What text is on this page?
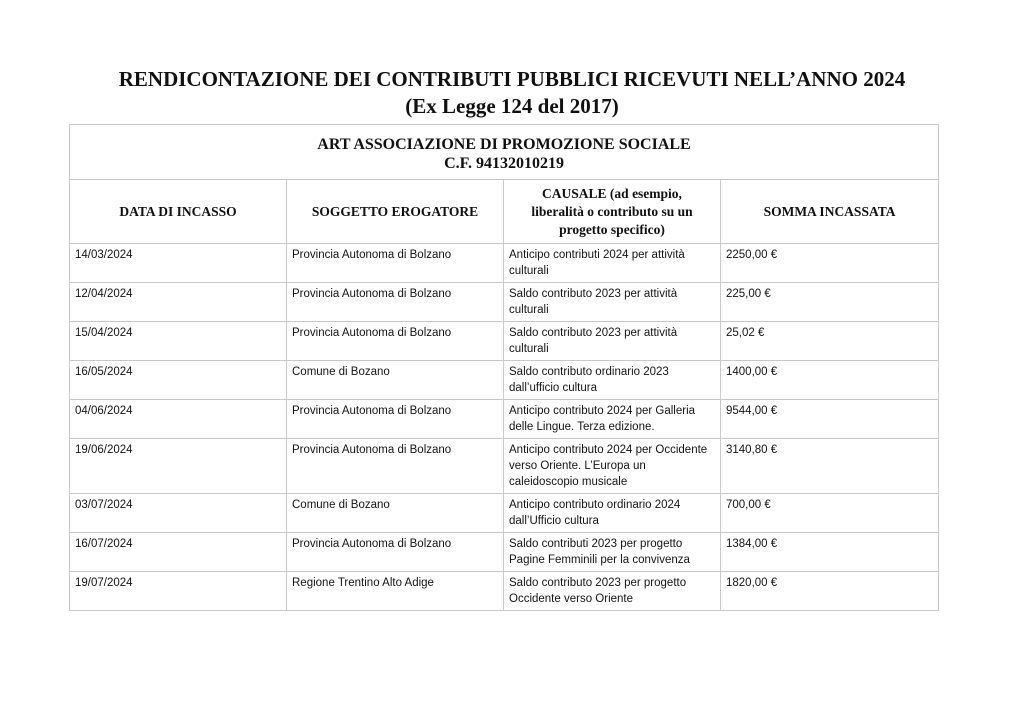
RENDICONTAZIONE DEI CONTRIBUTI PUBBLICI RICEVUTI NELL’ANNO 2024
(Ex Legge 124 del 2017)
ART ASSOCIAZIONE DI PROMOZIONE SOCIALE
C.F. 94132010219			

DATA DI INCASSO	SOGGETTO EROGATORE	CAUSALE (ad esempio, liberalità o contributo su un progetto specifico)	SOMMA INCASSATA
14/03/2024	Provincia Autonoma di Bolzano	Anticipo contributi 2024 per attività culturali	2250,00 €
12/04/2024	Provincia Autonoma di Bolzano	Saldo contributo 2023 per attività culturali	225,00 €
15/04/2024	Provincia Autonoma di Bolzano	Saldo contributo 2023 per attività culturali	25,02 €
16/05/2024	Comune di Bozano	Saldo contributo ordinario 2023 dall’ufficio cultura	1400,00 €
04/06/2024	Provincia Autonoma di Bolzano	Anticipo contributo 2024 per Galleria delle Lingue. Terza edizione.	9544,00 €
19/06/2024	Provincia Autonoma di Bolzano	Anticipo contributo 2024 per Occidente verso Oriente. L’Europa un caleidoscopio musicale	3140,80 €
03/07/2024	Comune di Bozano	Anticipo contributo ordinario 2024 dall’Ufficio cultura	700,00 €
16/07/2024	Provincia Autonoma di Bolzano	Saldo contributi 2023 per progetto Pagine Femminili per la convivenza	1384,00 €
19/07/2024	Regione Trentino Alto Adige	Saldo contributo 2023 per progetto Occidente verso Oriente	1820,00 €
